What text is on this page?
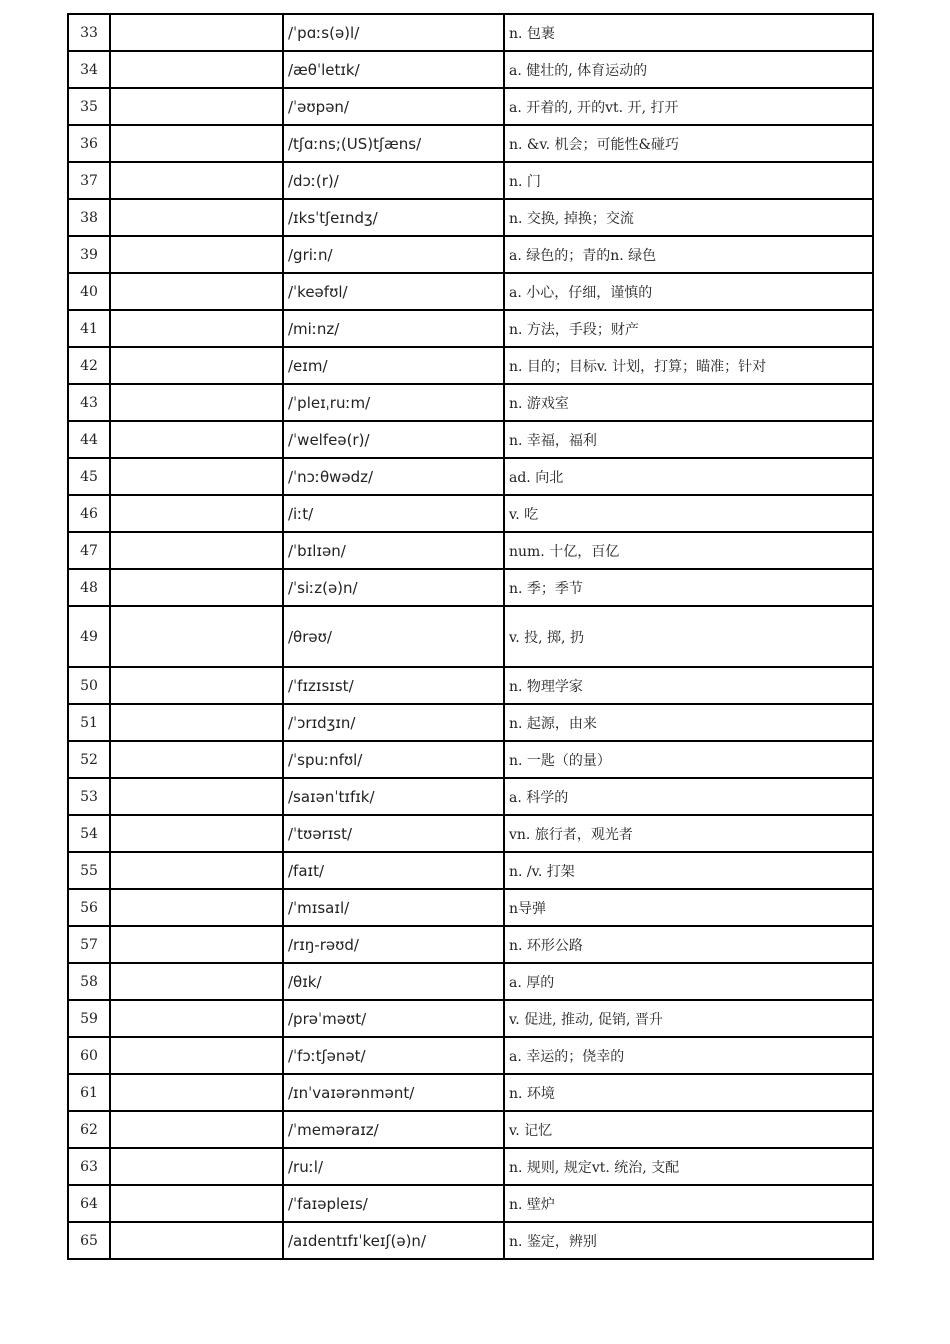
33		/ˈpɑːs(ə)l/	n. 包裹
34		/æθˈletɪk/	a. 健壮的, 体育运动的
35		/ˈəʊpən/	a. 开着的, 开的vt. 开, 打开
36		/tʃɑːns;(US)tʃæns/	n. &v. 机会；可能性&碰巧
37		/dɔː(r)/	n. 门
38		/ɪksˈtʃeɪndʒ/	n. 交换, 掉换；交流
39		/griːn/	a. 绿色的；青的n. 绿色
40		/ˈkeəfʊl/	a. 小心，仔细，谨慎的
41		/miːnz/	n. 方法，手段；财产
42		/eɪm/	n. 目的；目标v. 计划，打算；瞄准；针对
43		/ˈpleɪˌruːm/	n. 游戏室
44		/ˈwelfeə(r)/	n. 幸福，福利
45		/ˈnɔːθwədz/	ad. 向北
46		/iːt/	v. 吃
47		/ˈbɪlɪən/	num. 十亿，百亿
48		/ˈsiːz(ə)n/	n. 季；季节
49		/θrəʊ/	v. 投, 掷, 扔
50		/ˈfɪzɪsɪst/	n. 物理学家
51		/ˈɔrɪdʒɪn/	n. 起源，由来
52		/ˈspuːnfʊl/	n. 一匙（的量）
53		/saɪənˈtɪfɪk/	a. 科学的
54		/ˈtʊərɪst/	vn. 旅行者，观光者
55		/faɪt/	n. /v. 打架
56		/ˈmɪsaɪl/	n导弹
57		/rɪŋ-rəʊd/	n. 环形公路
58		/θɪk/	a. 厚的
59		/prəˈməʊt/	v. 促进, 推动, 促销, 晋升
60		/ˈfɔːtʃənət/	a. 幸运的；侥幸的
61		/ɪnˈvaɪərənmənt/	n. 环境
62		/ˈmeməraɪz/	v. 记忆
63		/ruːl/	n. 规则, 规定vt. 统治, 支配
64		/ˈfaɪəpleɪs/	n. 壁炉
65		/aɪdentɪfɪˈkeɪʃ(ə)n/	n. 鉴定，辨别
